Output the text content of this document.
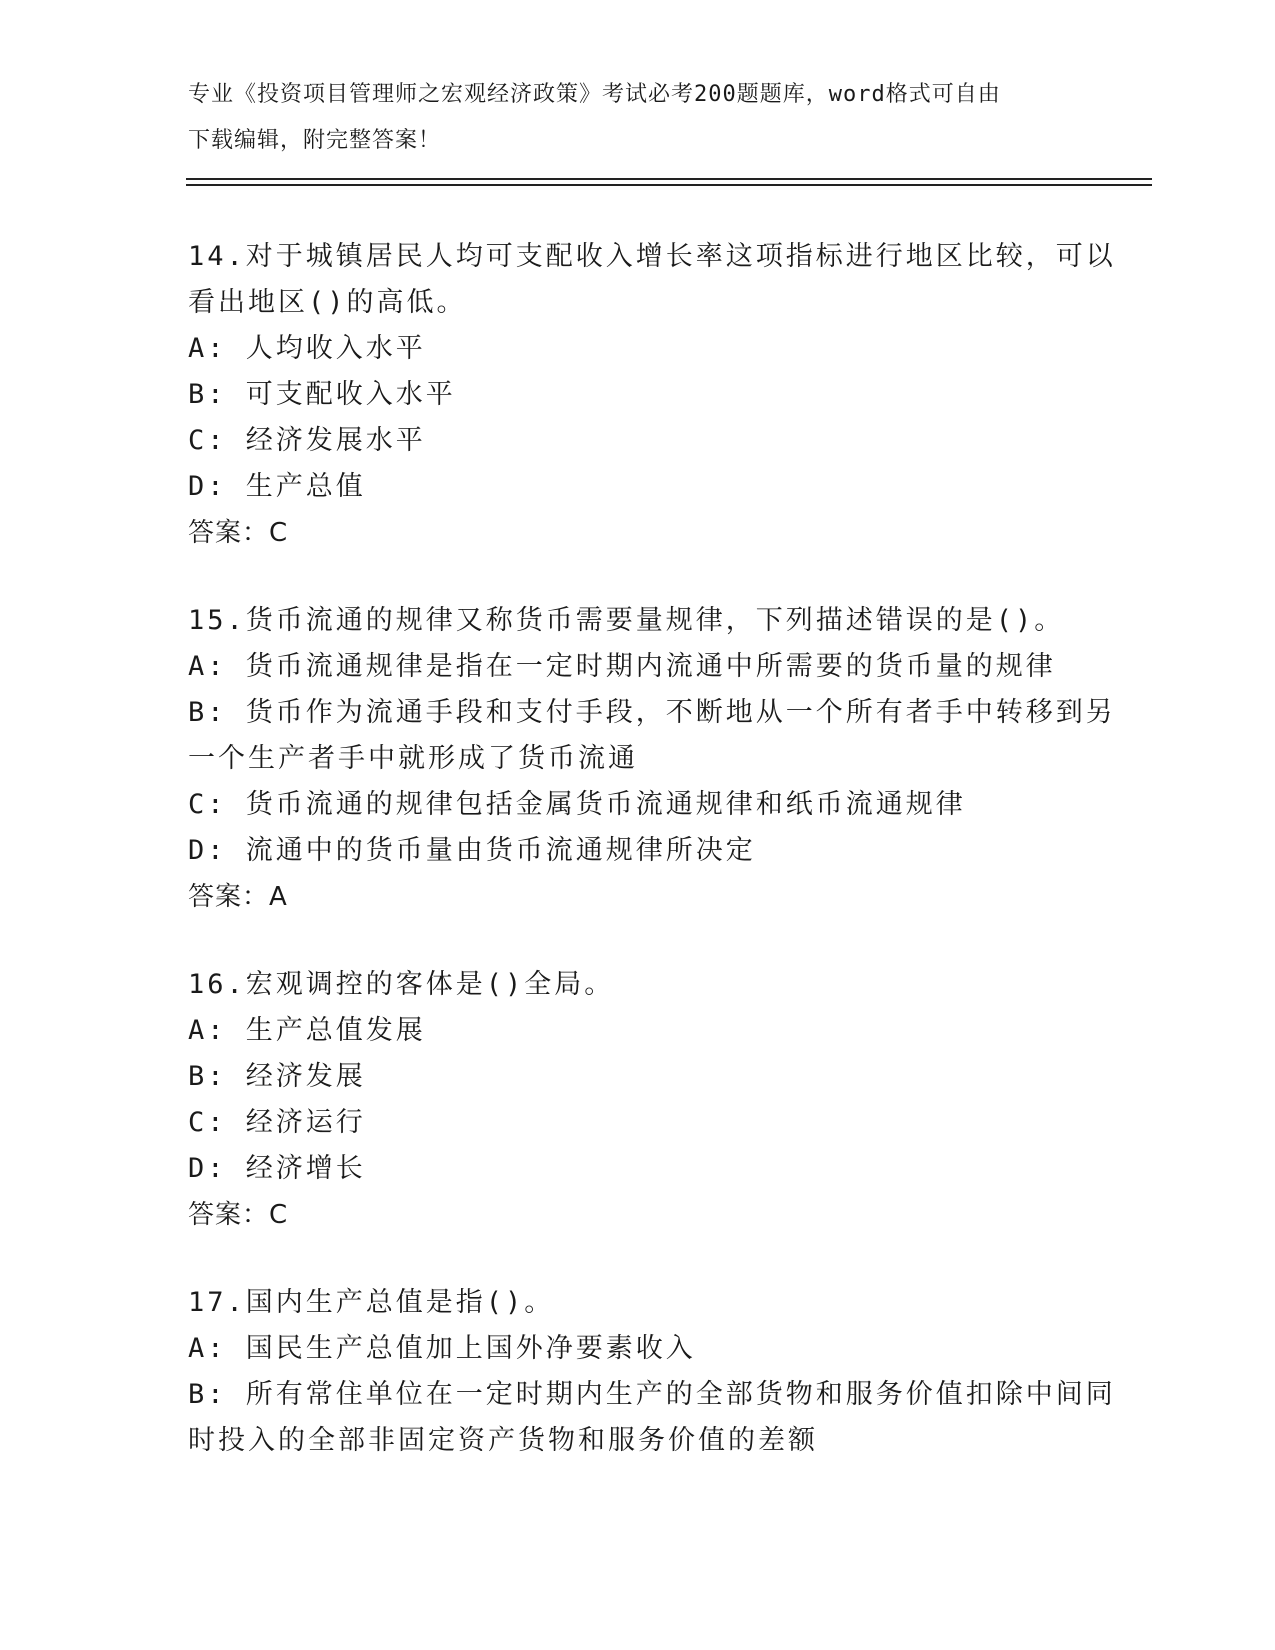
专业《投资项目管理师之宏观经济政策》考试必考200题题库，word格式可自由
下载编辑，附完整答案！
14.对于城镇居民人均可支配收入增长率这项指标进行地区比较，可以
看出地区()的高低。
A: 人均收入水平
B: 可支配收入水平
C: 经济发展水平
D: 生产总值
答案：C
15.货币流通的规律又称货币需要量规律，下列描述错误的是()。
A: 货币流通规律是指在一定时期内流通中所需要的货币量的规律
B: 货币作为流通手段和支付手段，不断地从一个所有者手中转移到另
一个生产者手中就形成了货币流通
C: 货币流通的规律包括金属货币流通规律和纸币流通规律
D: 流通中的货币量由货币流通规律所决定
答案：A
16.宏观调控的客体是()全局。
A: 生产总值发展
B: 经济发展
C: 经济运行
D: 经济增长
答案：C
17.国内生产总值是指()。
A: 国民生产总值加上国外净要素收入
B: 所有常住单位在一定时期内生产的全部货物和服务价值扣除中间同
时投入的全部非固定资产货物和服务价值的差额
